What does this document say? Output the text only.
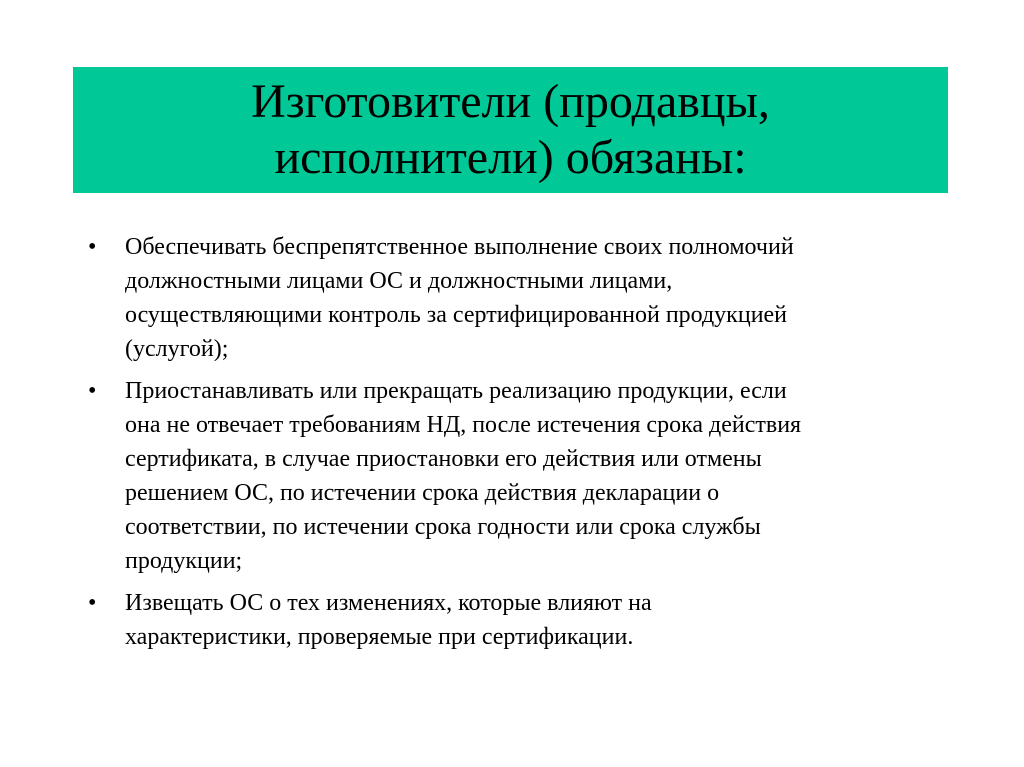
Изготовители (продавцы,
исполнители) обязаны:
• Обеспечивать беспрепятственное выполнение своих полномочий
должностными лицами ОС и должностными лицами,
осуществляющими контроль за сертифицированной продукцией
(услугой);
• Приостанавливать или прекращать реализацию продукции, если
она не отвечает требованиям НД, после истечения срока действия
сертификата, в случае приостановки его действия или отмены
решением ОС, по истечении срока действия декларации о
соответствии, по истечении срока годности или срока службы
продукции;
• Извещать ОС о тех изменениях, которые влияют на
характеристики, проверяемые при сертификации.
